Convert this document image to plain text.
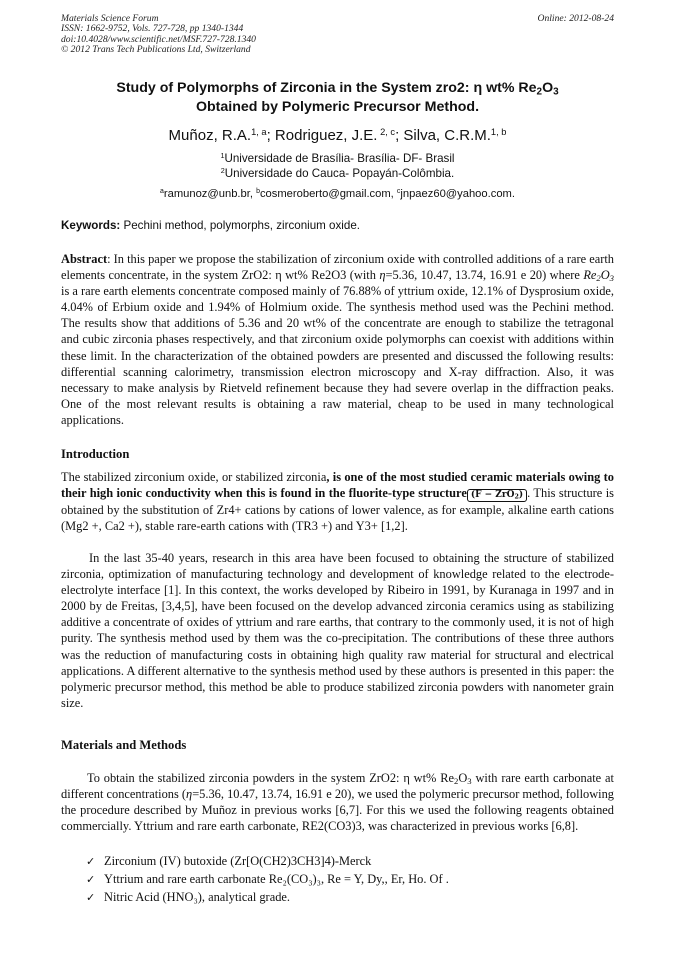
Materials Science Forum
ISSN: 1662-9752, Vols. 727-728, pp 1340-1344
doi:10.4028/www.scientific.net/MSF.727-728.1340
© 2012 Trans Tech Publications Ltd, Switzerland
Online: 2012-08-24
Study of Polymorphs of Zirconia in the System zro2: η wt% $Re_2O_3$
Obtained by Polymeric Precursor Method.
Muñoz, R.A.$^{1, a}$; Rodriguez, J.E. $^{2, c}$; Silva, C.R.M.$^{1, b}$
$^1$Universidade de Brasília- Brasília- DF- Brasil
$^2$Universidade do Cauca- Popayán-Colômbia.
$^a$ramunoz@unb.br, $^b$cosmeroberto@gmail.com, $^c$jnpaez60@yahoo.com.
Keywords: Pechini method, polymorphs, zirconium oxide.
Abstract: In this paper we propose the stabilization of zirconium oxide with controlled additions of a rare earth elements concentrate, in the system ZrO2: η wt% Re2O3 (with η=5.36, 10.47, 13.74, 16.91 e 20) where $Re_2O_3$ is a rare earth elements concentrate composed mainly of 76.88% of yttrium oxide, 12.1% of Dysprosium oxide, 4.04% of Erbium oxide and 1.94% of Holmium oxide. The synthesis method used was the Pechini method. The results show that additions of 5.36 and 20 wt% of the concentrate are enough to stabilize the tetragonal and cubic zirconia phases respectively, and that zirconium oxide polymorphs can coexist with additions within these limit. In the characterization of the obtained powders are presented and discussed the following results: differential scanning calorimetry, transmission electron microscopy and X-ray diffraction. Also, it was necessary to make analysis by Rietveld refinement because they had severe overlap in the diffraction peaks. One of the most relevant results is obtaining a raw material, cheap to be used in many technological applications.
Introduction
The stabilized zirconium oxide, or stabilized zirconia, is one of the most studied ceramic materials owing to their high ionic conductivity when this is found in the fluorite-type structure (F − ZrO$_2$) . This structure is obtained by the substitution of Zr4+ cations by cations of lower valence, as for example, alkaline earth cations (Mg2 +, Ca2 +), stable rare-earth cations with (TR3 +) and Y3+ [1,2].
In the last 35-40 years, research in this area have been focused to obtaining the structure of stabilized zirconia, optimization of manufacturing technology and development of knowledge related to the electrode-electrolyte interface [1]. In this context, the works developed by Ribeiro in 1991, by Kuranaga in 1997 and in 2000 by de Freitas, [3,4,5], have been focused on the develop advanced zirconia ceramics using as stabilizing additive a concentrate of oxides of yttrium and rare earths, that contrary to the commonly used, it is not of high purity. The synthesis method used by them was the co-precipitation. The contributions of these three authors was the reduction of manufacturing costs in obtaining high quality raw material for structural and electrical applications. A different alternative to the synthesis method used by these authors is presented in this paper: the polymeric precursor method, this method be able to produce stabilized zirconia powders with nanometer grain size.
Materials and Methods
To obtain the stabilized zirconia powders in the system ZrO2: η wt% $Re_2O_3$ with rare earth carbonate at different concentrations (η=5.36, 10.47, 13.74, 16.91 e 20), we used the polymeric precursor method, following the procedure described by Muñoz in previous works [6,7]. For this we used the following reagents obtained commercially. Yttrium and rare earth carbonate, RE2(CO3)3, was characterized in previous works [6,8].
✓ Zirconium (IV) butoxide (Zr[O(CH2)3CH3]4)-Merck
✓ Yttrium and rare earth carbonate Re₂(CO₃)₃, Re = Y, Dy,, Er, Ho. Of .
✓ Nitric Acid (HNO₃), analytical grade.
